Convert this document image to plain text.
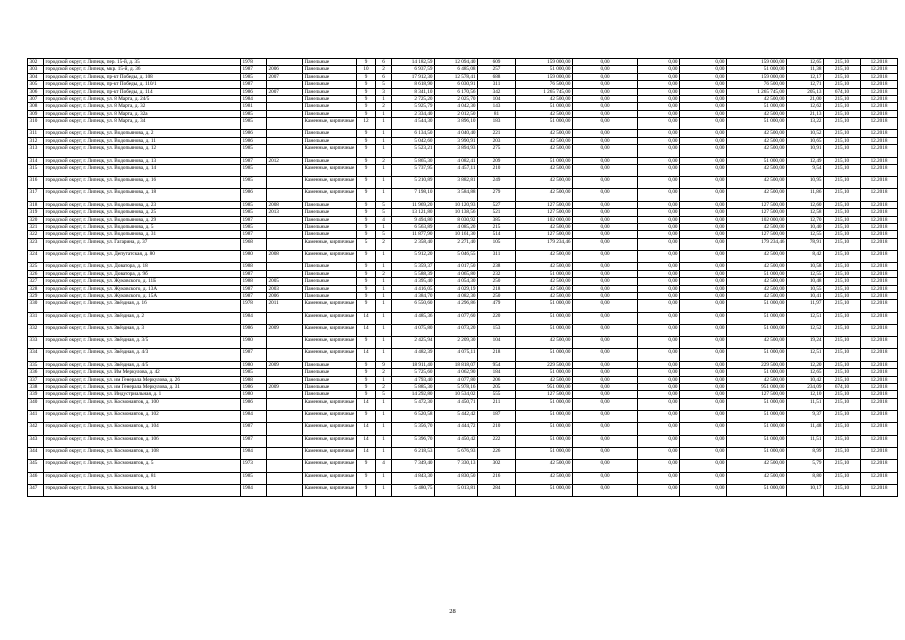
302	городской округ, г. Липецк, пер. 15-й, д. 35	1978		Панельные	9	6	14 182,59	12 094,40	609	159 000,00	0,00	0,00	0,00	159 000,00	12,65	215,10	12.2018
303	городской округ, г. Липецк, мкр. 15-й, д. 36	1987	2006	Панельные	10	2	6 937,59	6 485,08	257	51 000,00	0,00	0,00	0,00	51 000,00	11,38	215,10	12.2018
304	городской округ, г. Липецк, пр-кт Победы, д. 108	1985	2007	Панельные	9	6	17 912,30	12 578,41	688	159 000,00	0,00	0,00	0,00	159 000,00	12,17	215,10	12.2018
305	городской округ, г. Липецк, пр-кт Победы, д. 110/1	1987		Панельные	9	5	8 618,90	6 030,91	311	76 500,00	0,00	0,00	0,00	76 500,00	12,71	215,10	12.2018
306	городской округ, г. Липецк, пр-кт Победы, д. 114	1986	2007	Панельные	9	3	8 341,10	6 170,56	342	1 265 745,00	0,00	0,00	0,00	1 265 745,00	205,13	674,10	12.2018
307	городской округ, г. Липецк, ул. 8 Марта, д. 24/5	1984		Панельные	9	1	2 725,20	2 025,70	104	42 500,00	0,00	0,00	0,00	42 500,00	21,00	215,10	12.2018
308	городской округ, г. Липецк, ул. 8 Марта, д. 32	1981		Панельные	9	2	5 925,79	4 042,30	143	51 000,00	0,00	0,00	0,00	51 000,00	12,62	215,10	12.2018
309	городской округ, г. Липецк, ул. 8 Марта, д. 32а	1985		Панельные	9	1	2 334,40	2 012,50	81	42 500,00	0,00	0,00	0,00	42 500,00	21,13	215,10	12.2018
310	городской округ, г. Липецк, ул. 8 Марта, д. 34	1985		Каменные, кирпичные	12	1	4 544,30	3 896,10	183	51 000,00	0,00	0,00	0,00	51 000,00	13,22	215,10	12.2018
311	городской округ, г. Липецк, ул. Водопьянова, д. 2	1986		Панельные	9	1	6 134,50	4 040,40	221	42 500,00	0,00	0,00	0,00	42 500,00	10,52	215,10	12.2018
312	городской округ, г. Липецк, ул. Водопьянова, д. 11	1986		Панельные	9	1	5 042,60	3 990,91	203	42 500,00	0,00	0,00	0,00	42 500,00	10,65	215,10	12.2018
313	городской округ, г. Липецк, ул. Водопьянова, д. 12	1985		Каменные, кирпичные	9	1	5 523,21	3 894,93	275	42 500,00	0,00	0,00	0,00	42 500,00	10,91	215,10	12.2018
314	городской округ, г. Липецк, ул. Водопьянова, д. 13	1987	2012	Панельные	9	2	5 865,30	4 082,41	209	51 000,00	0,00	0,00	0,00	51 000,00	12,49	215,10	12.2018
315	городской округ, г. Липецк, ул. Водопьянова, д. 14	1985		Каменные, кирпичные	9	1	5 737,95	4 457,11	210	42 500,00	0,00	0,00	0,00	42 500,00	9,54	215,10	12.2018
316	городской округ, г. Липецк, ул. Водопьянова, д. 16	1985		Каменные, кирпичные	9	1	5 210,89	3 882,81	249	42 500,00	0,00	0,00	0,00	42 500,00	10,95	215,10	12.2018
317	городской округ, г. Липецк, ул. Водопьянова, д. 18	1986		Каменные, кирпичные	9	1	7 198,10	3 584,88	279	42 500,00	0,00	0,00	0,00	42 500,00	11,86	215,10	12.2018
318	городской округ, г. Липецк, ул. Водопьянова, д. 23	1985	2008	Панельные	9	5	11 969,20	10 120,93	527	127 500,00	0,00	0,00	0,00	127 500,00	12,60	215,10	12.2018
319	городской округ, г. Липецк, ул. Водопьянова, д. 25	1985	2013	Панельные	9	5	13 121,80	10 138,56	521	127 500,00	0,00	0,00	0,00	127 500,00	12,58	215,10	12.2018
320	городской округ, г. Липецк, ул. Водопьянова, д. 29	1987		Панельные	9	4	9 494,80	8 030,92	385	102 000,00	0,00	0,00	0,00	102 000,00	12,70	215,10	12.2018
321	городской округ, г. Липецк, ул. Водопьянова, д. 5	1985		Панельные	9	1	6 563,89	4 085,20	215	42 500,00	0,00	0,00	0,00	42 500,00	10,40	215,10	12.2018
322	городской округ, г. Липецк, ул. Водопьянова, д. 31	1987		Панельные	9	5	11 877,90	10 161,30	514	127 500,00	0,00	0,00	0,00	127 500,00	12,55	215,10	12.2018
323	городской округ, г. Липецк, ул. Гагарина, д. 37	1968		Каменные, кирпичные	5	2	2 358,40	2 271,40	105	179 234,46	0,00	0,00	0,00	179 234,46	78,91	215,10	12.2018
324	городской округ, г. Липецк, ул. Депутатская, д. 80	1980	2008	Каменные, кирпичные	9	1	5 912,20	5 046,55	311	42 500,00	0,00	0,00	0,00	42 500,00	8,42	215,10	12.2018
325	городской округ, г. Липецк, ул. Доватора, д. 18	1988		Панельные	9	1	5 359,37	4 017,50	238	42 500,00	0,00	0,00	0,00	42 500,00	10,58	215,10	12.2018
326	городской округ, г. Липецк, ул. Доватора, д. 9б	1987		Панельные	9	2	5 588,39	4 065,80	232	51 000,00	0,00	0,00	0,00	51 000,00	12,55	215,10	12.2018
327	городской округ, г. Липецк, ул. Жуковского, д. 11Б	1988	2005	Панельные	9	1	4 395,40	4 054,30	250	42 500,00	0,00	0,00	0,00	42 500,00	10,48	215,10	12.2018
328	городской округ, г. Липецк, ул. Жуковского, д. 13А	1987	2003	Панельные	9	1	4 416,05	4 029,19	218	42 500,00	0,00	0,00	0,00	42 500,00	10,55	215,10	12.2018
329	городской округ, г. Липецк, ул. Жуковского, д. 15А	1987	2006	Панельные	9	1	4 384,70	4 082,30	250	42 500,00	0,00	0,00	0,00	42 500,00	10,41	215,10	12.2018
330	городской округ, г. Липецк, ул. Звёздная, д. 16	1978	2011	Каменные, кирпичные	9	1	6 550,60	4 296,86	479	51 000,00	0,00	0,00	0,00	51 000,00	11,97	215,10	12.2018
331	городской округ, г. Липецк, ул. Звёздная, д. 2	1984		Каменные, кирпичные	14	1	4 485,36	4 077,60	220	51 000,00	0,00	0,00	0,00	51 000,00	12,51	215,10	12.2018
332	городской округ, г. Липецк, ул. Звёздная, д. 3	1986	2009	Каменные, кирпичные	14	1	4 075,80	4 073,20	153	51 000,00	0,00	0,00	0,00	51 000,00	12,52	215,10	12.2018
333	городской округ, г. Липецк, ул. Звёздная, д. 3/5	1980		Каменные, кирпичные	9	1	2 425,94	2 209,30	104	42 500,00	0,00	0,00	0,00	42 500,00	19,24	215,10	12.2018
334	городской округ, г. Липецк, ул. Звёздная, д. 4/3	1987		Каменные, кирпичные	14	1	4 482,39	4 075,11	218	51 000,00	0,00	0,00	0,00	51 000,00	12,51	215,10	12.2018
335	городской округ, г. Липецк, ул. Звёздная, д. 4/5	1980	2009	Панельные	9	9	18 911,40	18 818,07	954	229 500,00	0,00	0,00	0,00	229 500,00	12,20	215,10	12.2018
336	городской округ, г. Липецк, ул. Им Меркулова, д. 42	1985		Панельные	9	2	5 725,60	4 062,90	184	51 000,00	0,00	0,00	0,00	51 000,00	12,65	215,10	12.2018
337	городской округ, г. Липецк, ул. им Генерала Меркулова, д. 26	1988		Панельные	9	1	4 793,40	4 077,80	206	42 500,00	0,00	0,00	0,00	42 500,00	10,42	215,10	12.2018
338	городской округ, г. Липецк, ул. им Генерала Меркулова, д. 31	1986	2009	Панельные	9	2	5 885,30	5 978,16	205	951 000,00	0,00	0,00	0,00	951 000,00	234,09	674,10	12.2018
339	городской округ, г. Липецк, ул. Индустриальная, д. 1	1980		Панельные	9	5	14 292,80	10 534,02	555	127 500,00	0,00	0,00	0,00	127 500,00	12,10	215,10	12.2018
340	городской округ, г. Липецк, ул. Космонавтов, д. 100	1986		Каменные, кирпичные	14	1	5 472,30	4 450,71	211	51 000,00	0,00	0,00	0,00	51 000,00	11,51	215,10	12.2018
341	городской округ, г. Липецк, ул. Космонавтов, д. 102	1984		Каменные, кирпичные	9	1	6 520,58	5 442,42	187	51 000,00	0,00	0,00	0,00	51 000,00	9,37	215,10	12.2018
342	городской округ, г. Липецк, ул. Космонавтов, д. 104	1987		Каменные, кирпичные	14	1	5 356,70	4 444,72	210	51 000,00	0,00	0,00	0,00	51 000,00	11,48	215,10	12.2018
343	городской округ, г. Липецк, ул. Космонавтов, д. 106	1987		Каменные, кирпичные	14	1	5 396,70	4 450,42	222	51 000,00	0,00	0,00	0,00	51 000,00	11,51	215,10	12.2018
344	городской округ, г. Липецк, ул. Космонавтов, д. 108	1984		Каменные, кирпичные	14	1	6 218,53	5 676,93	226	51 000,00	0,00	0,00	0,00	51 000,00	8,99	215,10	12.2018
345	городской округ, г. Липецк, ул. Космонавтов, д. 5	1973		Каменные, кирпичные	9	4	7 349,40	7 330,13	302	42 500,00	0,00	0,00	0,00	42 500,00	5,79	215,10	12.2018
346	городской округ, г. Липецк, ул. Космонавтов, д. 81	1985		Каменные, кирпичные	9	1	4 843,30	4 830,50	216	42 500,00	0,00	0,00	0,00	42 500,00	8,80	215,10	12.2018
347	городской округ, г. Липецк, ул. Космонавтов, д. 94	1984		Каменные, кирпичные	9	1	5 480,75	5 013,81	284	51 000,00	0,00	0,00	0,00	51 000,00	10,17	215,10	12.2018
28
